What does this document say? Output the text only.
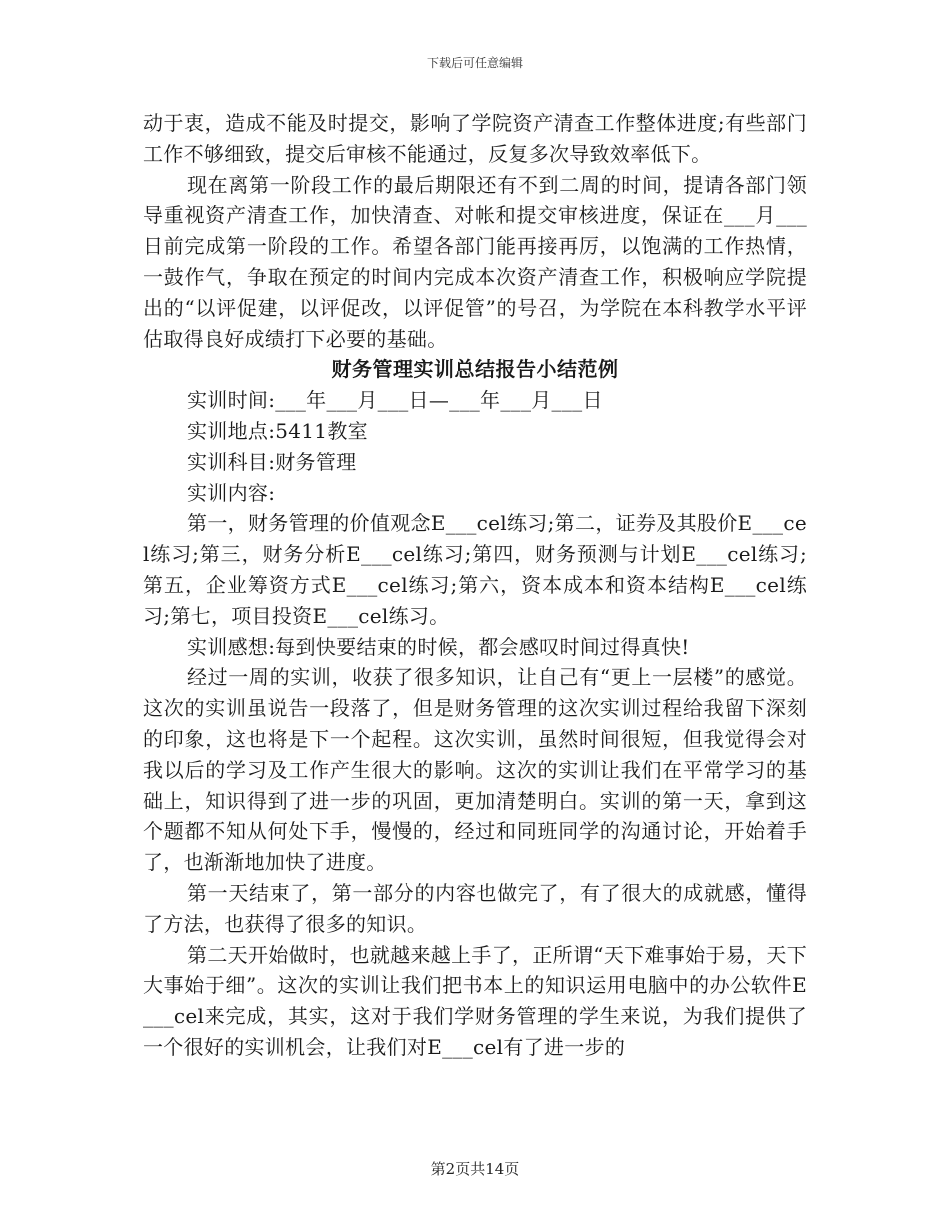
下载后可任意编辑

动于衷，造成不能及时提交，影响了学院资产清查工作整体进度;有些部门工作不够细致，提交后审核不能通过，反复多次导致效率低下。

现在离第一阶段工作的最后期限还有不到二周的时间，提请各部门领导重视资产清查工作，加快清查、对帐和提交审核进度，保证在___月___日前完成第一阶段的工作。希望各部门能再接再厉，以饱满的工作热情，一鼓作气，争取在预定的时间内完成本次资产清查工作，积极响应学院提出的“以评促建，以评促改，以评促管”的号召，为学院在本科教学水平评估取得良好成绩打下必要的基础。

财务管理实训总结报告小结范例

实训时间:___年___月___日—___年___月___日

实训地点:5411教室

实训科目:财务管理

实训内容:

第一，财务管理的价值观念E___cel练习;第二，证券及其股价E___cel练习;第三，财务分析E___cel练习;第四，财务预测与计划E___cel练习;第五，企业筹资方式E___cel练习;第六，资本成本和资本结构E___cel练习;第七，项目投资E___cel练习。

实训感想:每到快要结束的时候，都会感叹时间过得真快!

经过一周的实训，收获了很多知识，让自己有“更上一层楼”的感觉。这次的实训虽说告一段落了，但是财务管理的这次实训过程给我留下深刻的印象，这也将是下一个起程。这次实训，虽然时间很短，但我觉得会对我以后的学习及工作产生很大的影响。这次的实训让我们在平常学习的基础上，知识得到了进一步的巩固，更加清楚明白。实训的第一天，拿到这个题都不知从何处下手，慢慢的，经过和同班同学的沟通讨论，开始着手了，也渐渐地加快了进度。

第一天结束了，第一部分的内容也做完了，有了很大的成就感，懂得了方法，也获得了很多的知识。

第二天开始做时，也就越来越上手了，正所谓“天下难事始于易，天下大事始于细”。这次的实训让我们把书本上的知识运用电脑中的办公软件E___cel来完成，其实，这对于我们学财务管理的学生来说，为我们提供了一个很好的实训机会，让我们对E___cel有了进一步的

第2页共14页
